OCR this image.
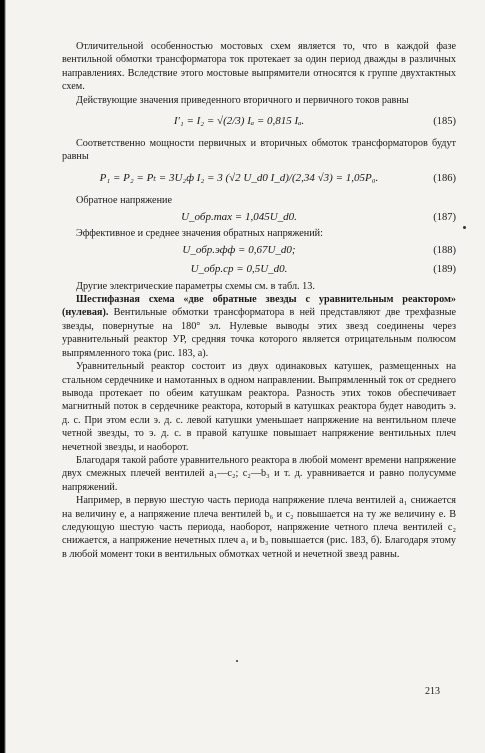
Отличительной особенностью мостовых схем является то, что в каждой фазе вентильной обмотки трансформатора ток протекает за один период дважды в различных направлениях. Вследствие этого мостовые выпрямители относятся к группе двухтактных схем.

Действующие значения приведенного вторичного и первичного токов равны

I′₁ = I₂ = √(2/3) Iₐ = 0,815 Iₐ.	(185)

Соответственно мощности первичных и вторичных обмоток трансформаторов будут равны

P₁ = P₂ = Pₜ = 3U₂ф I₂ = 3 (√2 U_d0 I_d)/(2,34 √3) = 1,05P₀.	(186)

Обратное напряжение

U_обр.max = 1,045U_d0.	(187)

Эффективное и среднее значения обратных напряжений:

U_обр.эфф = 0,67U_d0;	(188)
U_обр.ср = 0,5U_d0.	(189)

Другие электрические параметры схемы см. в табл. 13.

Шестифазная схема «две обратные звезды с уравнительным реактором» (нулевая). Вентильные обмотки трансформатора в ней представляют две трехфазные звезды, повернутые на 180° эл. Нулевые выводы этих звезд соединены через уравнительный реактор УР, средняя точка которого является отрицательным полюсом выпрямленного тока (рис. 183, а).

Уравнительный реактор состоит из двух одинаковых катушек, размещенных на стальном сердечнике и намотанных в одном направлении. Выпрямленный ток от среднего вывода протекает по обеим катушкам реактора. Разность этих токов обеспечивает магнитный поток в сердечнике реактора, который в катушках реактора будет наводить э. д. с. При этом если э. д. с. левой катушки уменьшает напряжение на вентильном плече четной звезды, то э. д. с. в правой катушке повышает напряжение вентильных плеч нечетной звезды, и наоборот.

Благодаря такой работе уравнительного реактора в любой момент времени напряжение двух смежных плечей вентилей a₁—c₂; c₂—b₃ и т. д. уравнивается и равно полусумме напряжений.

Например, в первую шестую часть периода напряжение плеча вентилей a₁ снижается на величину e, а напряжение плеча вентилей b₆ и c₂ повышается на ту же величину e. В следующую шестую часть периода, наоборот, напряжение четного плеча вентилей c₂ снижается, а напряжение нечетных плеч a₁ и b₃ повышается (рис. 183, б). Благодаря этому в любой момент токи в вентильных обмотках четной и нечетной звезд равны.

213
